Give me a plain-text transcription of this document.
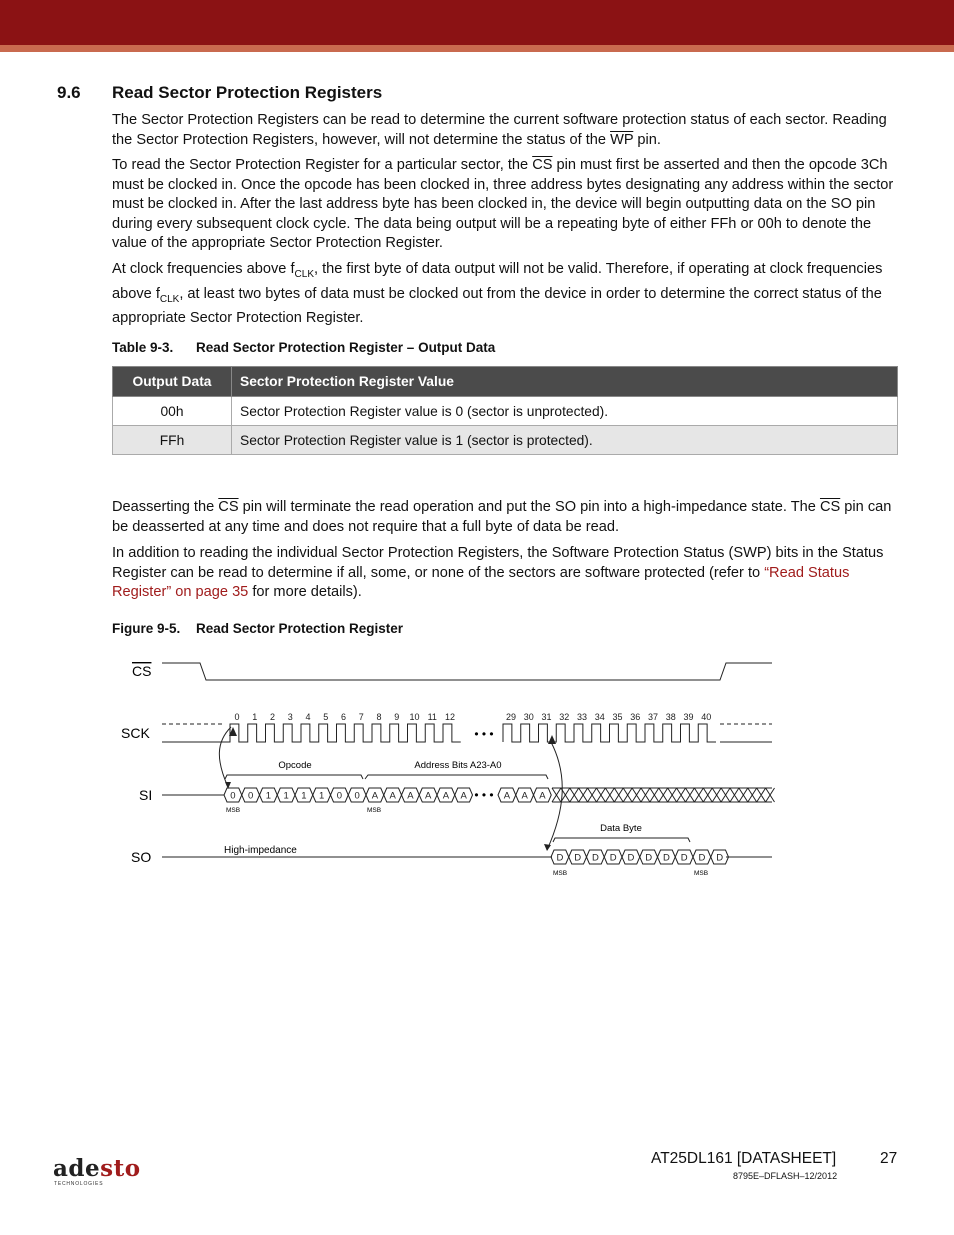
9.6 Read Sector Protection Registers

The Sector Protection Registers can be read to determine the current software protection status of each sector. Reading the Sector Protection Registers, however, will not determine the status of the $\overline{WP}$ pin.

To read the Sector Protection Register for a particular sector, the $\overline{CS}$ pin must first be asserted and then the opcode 3Ch must be clocked in. Once the opcode has been clocked in, three address bytes designating any address within the sector must be clocked in. After the last address byte has been clocked in, the device will begin outputting data on the SO pin during every subsequent clock cycle. The data being output will be a repeating byte of either FFh or 00h to denote the value of the appropriate Sector Protection Register.

At clock frequencies above $f_{CLK}$, the first byte of data output will not be valid. Therefore, if operating at clock frequencies above $f_{CLK}$, at least two bytes of data must be clocked out from the device in order to determine the correct status of the appropriate Sector Protection Register.

Table 9-3. Read Sector Protection Register – Output Data
Output Data	Sector Protection Register Value
00h	Sector Protection Register value is 0 (sector is unprotected).
FFh	Sector Protection Register value is 1 (sector is protected).

Deasserting the $\overline{CS}$ pin will terminate the read operation and put the SO pin into a high-impedance state. The $\overline{CS}$ pin can be deasserted at any time and does not require that a full byte of data be read.

In addition to reading the individual Sector Protection Registers, the Software Protection Status (SWP) bits in the Status Register can be read to determine if all, some, or none of the sectors are software protected (refer to “Read Status Register” on page 35 for more details).

Figure 9-5. Read Sector Protection Register
CS
SCK
SI
SO
0 1 2 3 4 5 6 7 8 9 10 11 12	29 30 31 32 33 34 35 36 37 38 39 40
• • •
Opcode	Address Bits A23-A0
Data Byte
0 0 1 1 1 1 0 0 A A A A A A	A A A
• • •
MSB	MSB
High-impedance
D D D D D D D D D D
MSB	MSB
adesto
TECHNOLOGIES
AT25DL161 [DATASHEET]	27
8795E–DFLASH–12/2012
